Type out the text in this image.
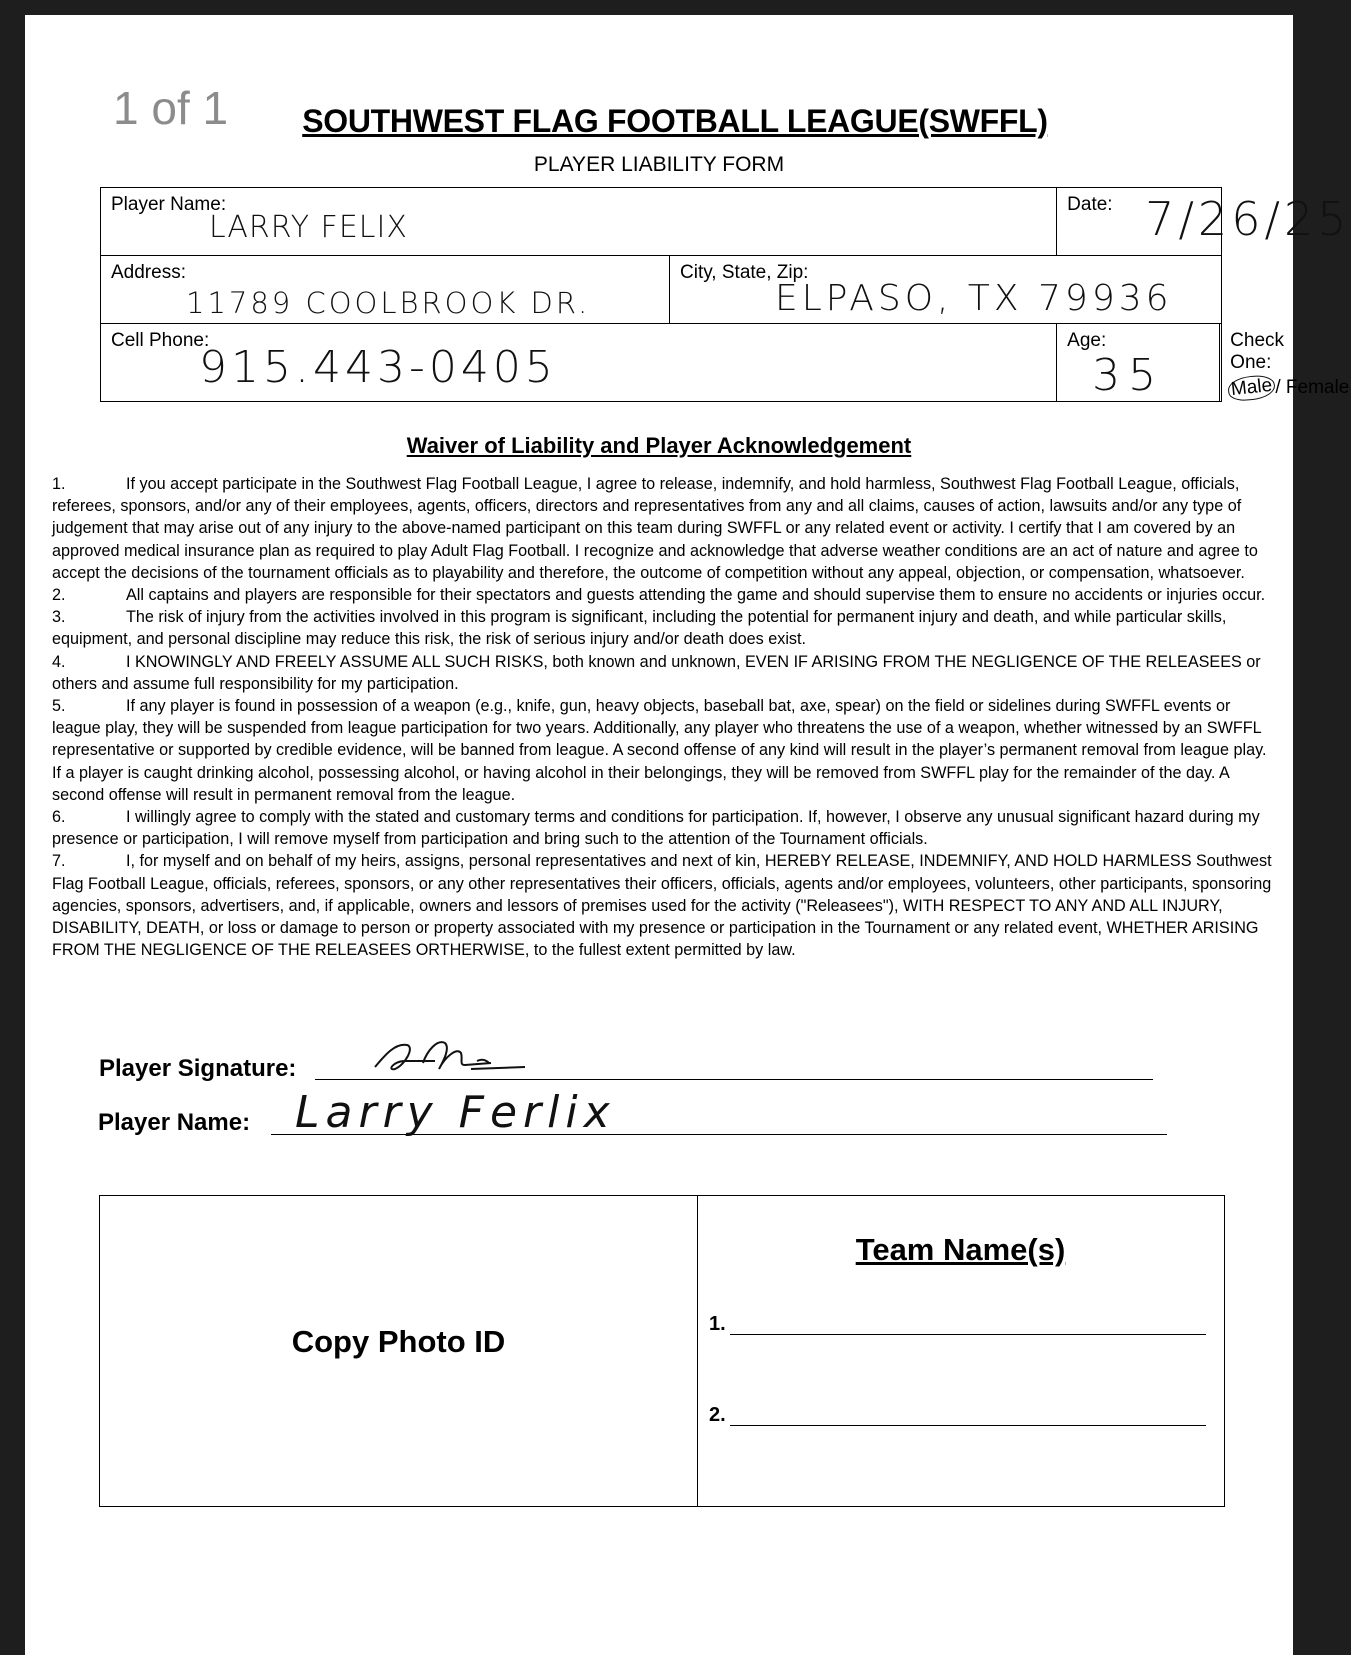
1 of 1	SOUTHWEST FLAG FOOTBALL LEAGUE(SWFFL)
PLAYER LIABILITY FORM
Player Name:
LARRY FELIX		Date: 7/26/25	

Address:
11789 COOLBROOK DR.	City, State, Zip:
ELPASO, TX 79936		

Cell Phone:
915.443-0405		Age:
35	Check One:
Male / Female
Waiver of Liability and Player Acknowledgement

1.	If you accept participate in the Southwest Flag Football League, I agree to release, indemnify, and hold harmless, Southwest Flag Football League, officials, referees, sponsors, and/or any of their employees, agents, officers, directors and representatives from any and all claims, causes of action, lawsuits and/or any type of judgement that may arise out of any injury to the above-named participant on this team during SWFFL or any related event or activity. I certify that I am covered by an approved medical insurance plan as required to play Adult Flag Football. I recognize and acknowledge that adverse weather conditions are an act of nature and agree to accept the decisions of the tournament officials as to playability and therefore, the outcome of competition without any appeal, objection, or compensation, whatsoever.

2.	All captains and players are responsible for their spectators and guests attending the game and should supervise them to ensure no accidents or injuries occur.

3.	The risk of injury from the activities involved in this program is significant, including the potential for permanent injury and death, and while particular skills, equipment, and personal discipline may reduce this risk, the risk of serious injury and/or death does exist.

4.	I KNOWINGLY AND FREELY ASSUME ALL SUCH RISKS, both known and unknown, EVEN IF ARISING FROM THE NEGLIGENCE OF THE RELEASEES or others and assume full responsibility for my participation.

5.	If any player is found in possession of a weapon (e.g., knife, gun, heavy objects, baseball bat, axe, spear) on the field or sidelines during SWFFL events or league play, they will be suspended from league participation for two years. Additionally, any player who threatens the use of a weapon, whether witnessed by an SWFFL representative or supported by credible evidence, will be banned from league. A second offense of any kind will result in the player’s permanent removal from league play. If a player is caught drinking alcohol, possessing alcohol, or having alcohol in their belongings, they will be removed from SWFFL play for the remainder of the day. A second offense will result in permanent removal from the league.

6.	I willingly agree to comply with the stated and customary terms and conditions for participation. If, however, I observe any unusual significant hazard during my presence or participation, I will remove myself from participation and bring such to the attention of the Tournament officials.

7.	I, for myself and on behalf of my heirs, assigns, personal representatives and next of kin, HEREBY RELEASE, INDEMNIFY, AND HOLD HARMLESS Southwest Flag Football League, officials, referees, sponsors, or any other representatives their officers, officials, agents and/or employees, volunteers, other participants, sponsoring agencies, sponsors, advertisers, and, if applicable, owners and lessors of premises used for the activity ("Releasees"), WITH RESPECT TO ANY AND ALL INJURY, DISABILITY, DEATH, or loss or damage to person or property associated with my presence or participation in the Tournament or any related event, WHETHER ARISING FROM THE NEGLIGENCE OF THE RELEASEES ORTHERWISE, to the fullest extent permitted by law.

Player Signature:
Player Name: Larry Ferlix
Copy Photo ID
Team Name(s)
1.
2.
